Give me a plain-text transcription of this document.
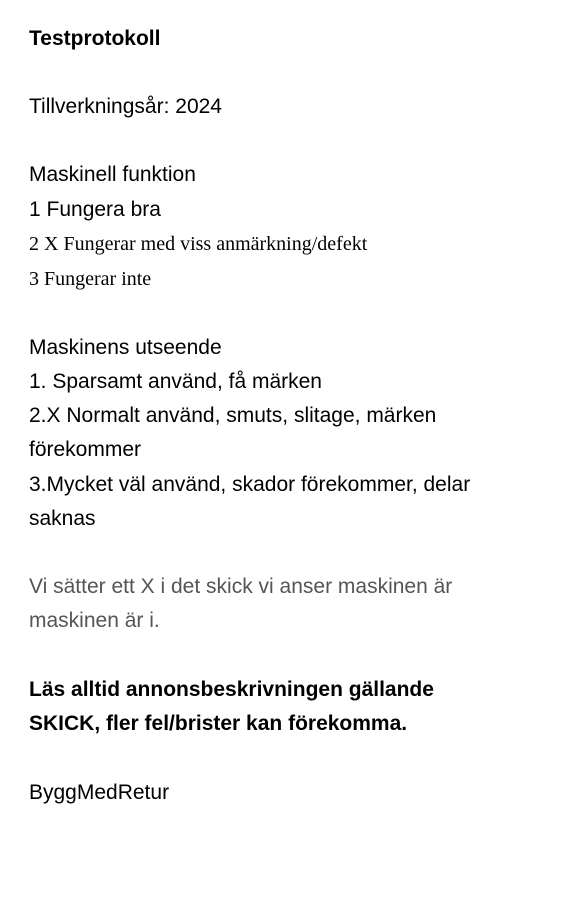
Testprotokoll

Tillverkningsår: 2024

Maskinell funktion

1 Fungera bra

2 X Fungerar med viss anmärkning/defekt

3 Fungerar inte

Maskinens utseende

1. Sparsamt använd, få märken

2.X Normalt använd, smuts, slitage, märken

förekommer

3.Mycket väl använd, skador förekommer, delar

saknas

Vi sätter ett X i det skick vi anser maskinen är

maskinen är i.

Läs alltid annonsbeskrivningen gällande

SKICK, fler fel/brister kan förekomma.

ByggMedRetur
